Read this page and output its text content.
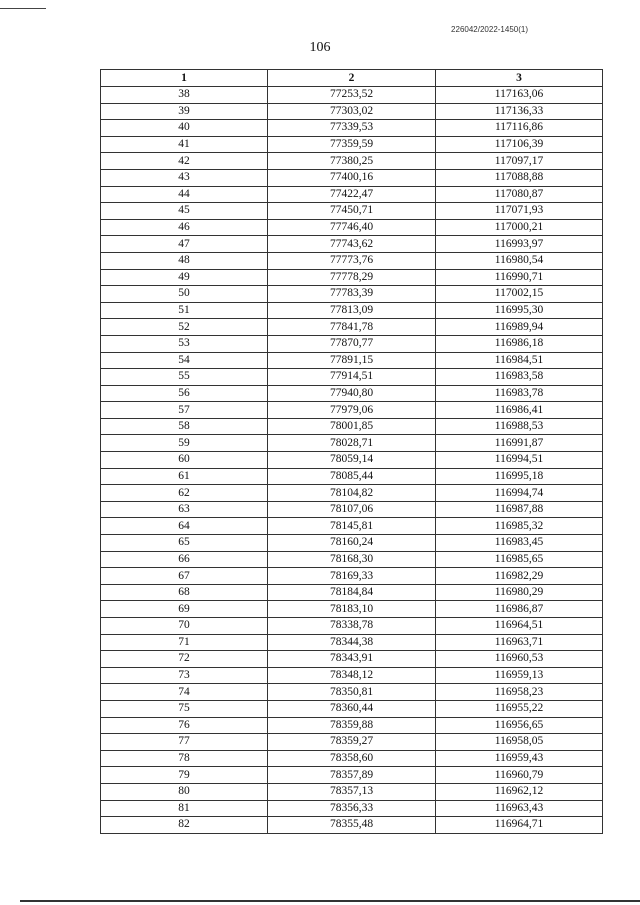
226042/2022-1450(1)
106
1	2	3
38	77253,52	117163,06
39	77303,02	117136,33
40	77339,53	117116,86
41	77359,59	117106,39
42	77380,25	117097,17
43	77400,16	117088,88
44	77422,47	117080,87
45	77450,71	117071,93
46	77746,40	117000,21
47	77743,62	116993,97
48	77773,76	116980,54
49	77778,29	116990,71
50	77783,39	117002,15
51	77813,09	116995,30
52	77841,78	116989,94
53	77870,77	116986,18
54	77891,15	116984,51
55	77914,51	116983,58
56	77940,80	116983,78
57	77979,06	116986,41
58	78001,85	116988,53
59	78028,71	116991,87
60	78059,14	116994,51
61	78085,44	116995,18
62	78104,82	116994,74
63	78107,06	116987,88
64	78145,81	116985,32
65	78160,24	116983,45
66	78168,30	116985,65
67	78169,33	116982,29
68	78184,84	116980,29
69	78183,10	116986,87
70	78338,78	116964,51
71	78344,38	116963,71
72	78343,91	116960,53
73	78348,12	116959,13
74	78350,81	116958,23
75	78360,44	116955,22
76	78359,88	116956,65
77	78359,27	116958,05
78	78358,60	116959,43
79	78357,89	116960,79
80	78357,13	116962,12
81	78356,33	116963,43
82	78355,48	116964,71
